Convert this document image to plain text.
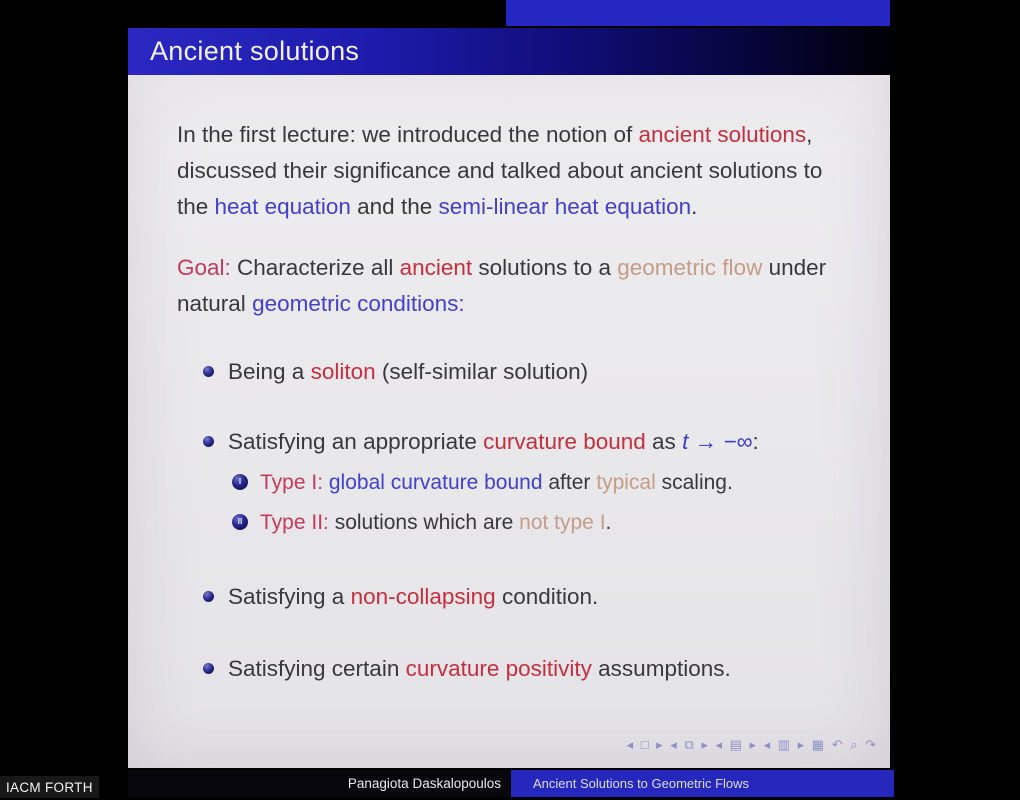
Ancient solutions
In the first lecture: we introduced the notion of ancient solutions,
discussed their significance and talked about ancient solutions to
the heat equation and the semi-linear heat equation.
Goal: Characterize all ancient solutions to a geometric flow under
natural geometric conditions:
Being a soliton (self-similar solution)
Satisfying an appropriate curvature bound as t → −∞:
I Type I: global curvature bound after typical scaling.
II Type II: solutions which are not type I.
Satisfying a non-collapsing condition.
Satisfying certain curvature positivity assumptions.
◂ □ ▸ ◂ ⧉ ▸ ◂ ▤ ▸ ◂ ▥ ▸ ▦ ↶ ⌕ ↷
Panagiota Daskalopoulos Ancient Solutions to Geometric Flows
IACM FORTH
